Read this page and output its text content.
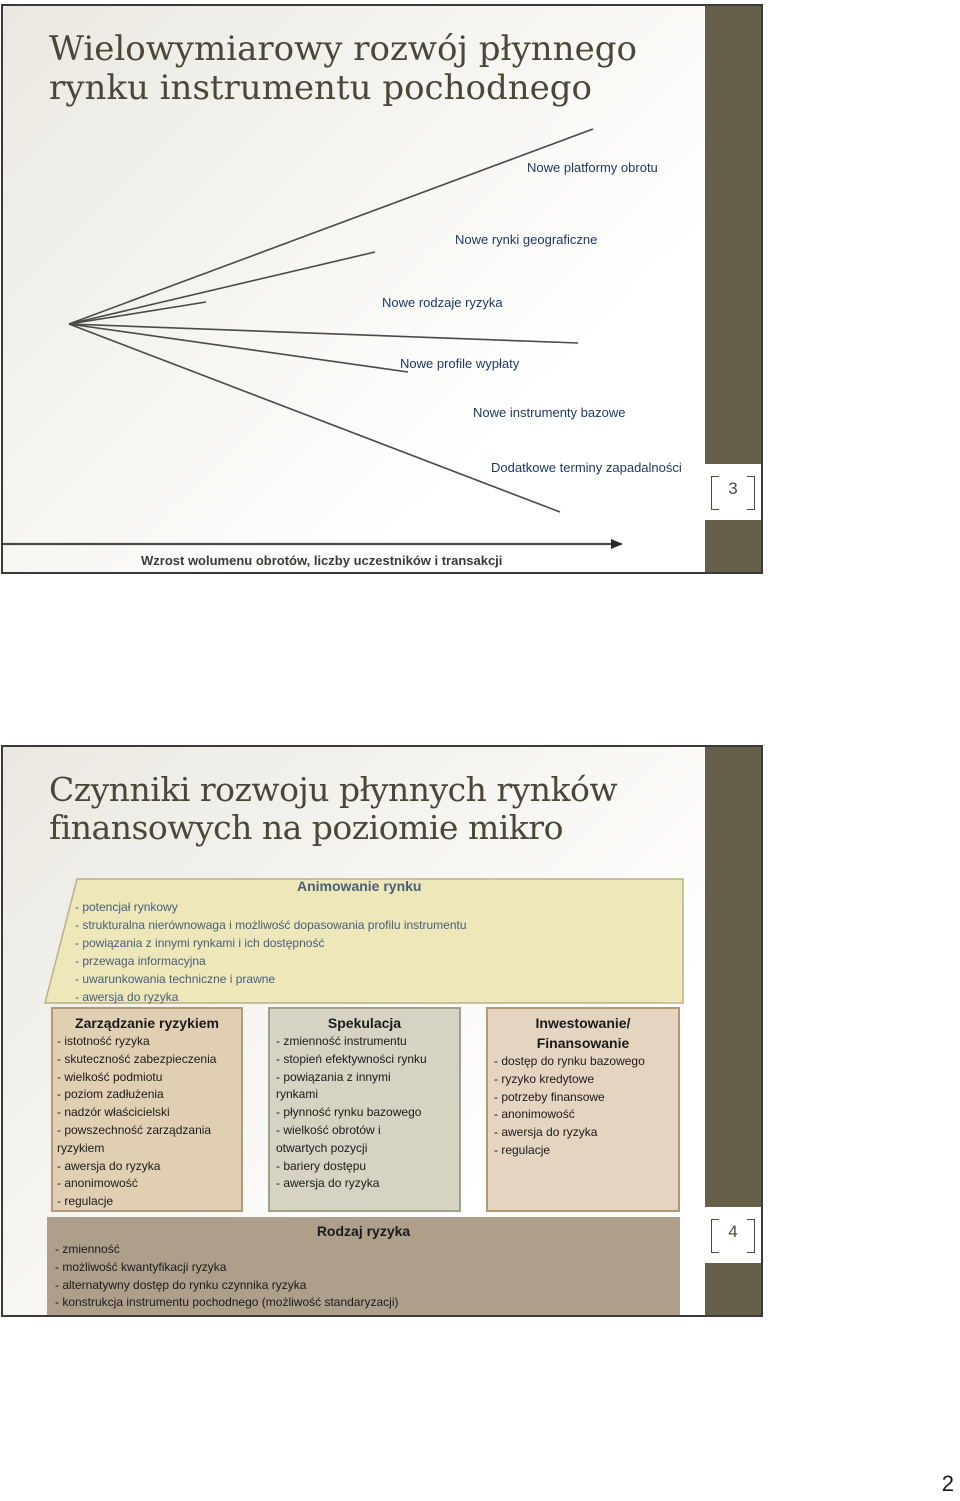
3
Wielowymiarowy rozwój płynnego rynku instrumentu pochodnego
Nowe platformy obrotu
Nowe rynki geograficzne
Nowe rodzaje ryzyka
Nowe profile wypłaty
Nowe instrumenty bazowe
Dodatkowe terminy zapadalności
Wzrost wolumenu obrotów, liczby uczestników i transakcji
4
Czynniki rozwoju płynnych rynków finansowych na poziomie mikro
Animowanie rynku
- potencjał rynkowy
- strukturalna nierównowaga i możliwość dopasowania profilu instrumentu
- powiązania z innymi rynkami i ich dostępność
- przewaga informacyjna
- uwarunkowania techniczne i prawne
- awersja do ryzyka
Zarządzanie ryzykiem
- istotność ryzyka
- skuteczność zabezpieczenia
- wielkość podmiotu
- poziom zadłużenia
- nadzór właścicielski
- powszechność zarządzania ryzykiem
- awersja do ryzyka
- anonimowość
- regulacje
Spekulacja
- zmienność instrumentu
- stopień efektywności rynku
- powiązania z innymi rynkami
- płynność rynku bazowego
- wielkość obrotów i otwartych pozycji
- bariery dostępu
- awersja do ryzyka
Inwestowanie/ Finansowanie
- dostęp do rynku bazowego
- ryzyko kredytowe
- potrzeby finansowe
- anonimowość
- awersja do ryzyka
- regulacje
Rodzaj ryzyka
- zmienność
- możliwość kwantyfikacji ryzyka
- alternatywny dostęp do rynku czynnika ryzyka
- konstrukcja instrumentu pochodnego (możliwość standaryzacji)
2
